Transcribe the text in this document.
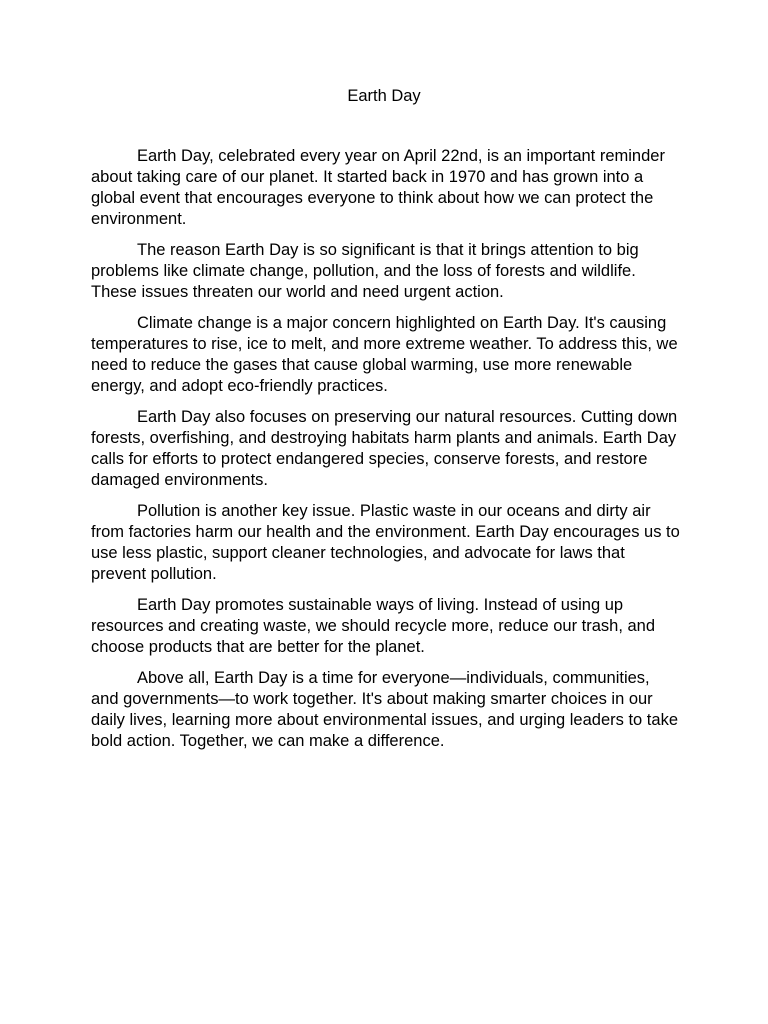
Earth Day

Earth Day, celebrated every year on April 22nd, is an important reminder about taking care of our planet. It started back in 1970 and has grown into a global event that encourages everyone to think about how we can protect the environment.

The reason Earth Day is so significant is that it brings attention to big problems like climate change, pollution, and the loss of forests and wildlife. These issues threaten our world and need urgent action.

Climate change is a major concern highlighted on Earth Day. It's causing temperatures to rise, ice to melt, and more extreme weather. To address this, we need to reduce the gases that cause global warming, use more renewable energy, and adopt eco-friendly practices.

Earth Day also focuses on preserving our natural resources. Cutting down forests, overfishing, and destroying habitats harm plants and animals. Earth Day calls for efforts to protect endangered species, conserve forests, and restore damaged environments.

Pollution is another key issue. Plastic waste in our oceans and dirty air from factories harm our health and the environment. Earth Day encourages us to use less plastic, support cleaner technologies, and advocate for laws that prevent pollution.

Earth Day promotes sustainable ways of living. Instead of using up resources and creating waste, we should recycle more, reduce our trash, and choose products that are better for the planet.

Above all, Earth Day is a time for everyone—individuals, communities, and governments—to work together. It's about making smarter choices in our daily lives, learning more about environmental issues, and urging leaders to take bold action. Together, we can make a difference.
